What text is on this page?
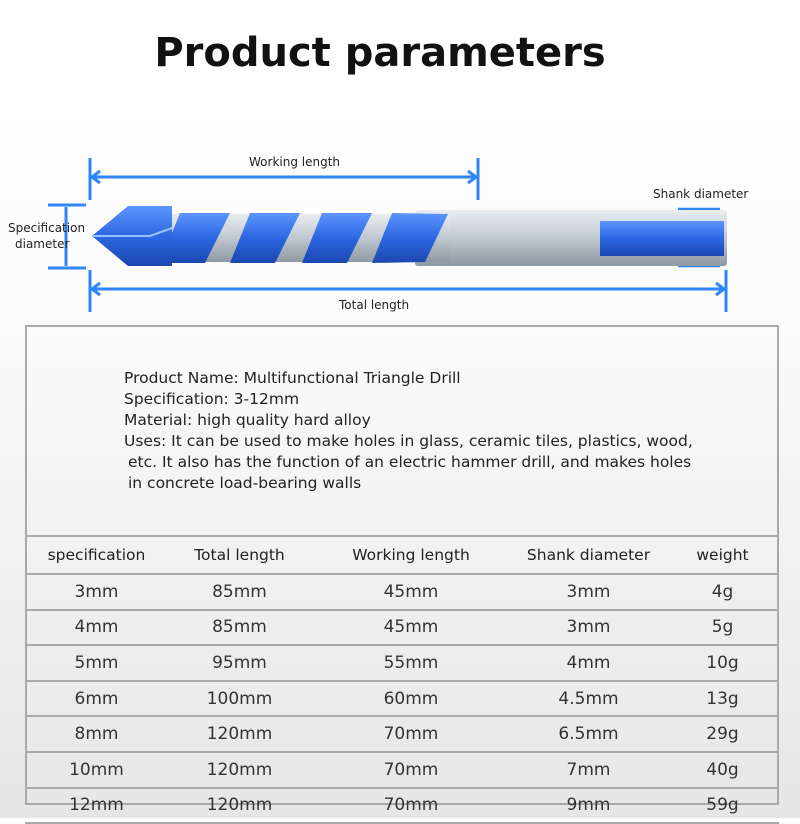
Product parameters
Working length
Shank diameter
Specification
diameter
Total length
Product Name: Multifunctional Triangle Drill
Specification: 3-12mm
Material: high quality hard alloy
Uses: It can be used to make holes in glass, ceramic tiles, plastics, wood,
etc. It also has the function of an electric hammer drill, and makes holes
in concrete load-bearing walls
specification	Total length	Working length	Shank diameter	weight
3mm	85mm	45mm	3mm	4g
4mm	85mm	45mm	3mm	5g
5mm	95mm	55mm	4mm	10g
6mm	100mm	60mm	4.5mm	13g
8mm	120mm	70mm	6.5mm	29g
10mm	120mm	70mm	7mm	40g
12mm	120mm	70mm	9mm	59g
